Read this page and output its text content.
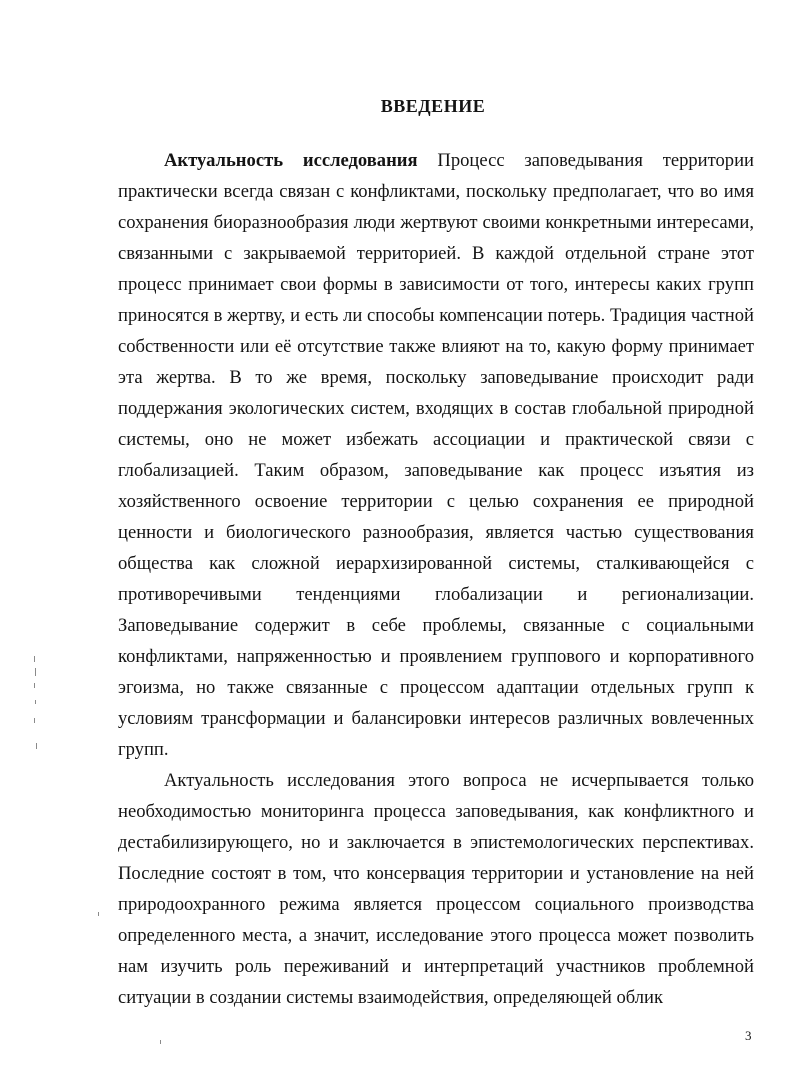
ВВЕДЕНИЕ

Актуальность исследования Процесс заповедывания территории практически всегда связан с конфликтами, поскольку предполагает, что во имя сохранения биоразнообразия люди жертвуют своими конкретными интересами, связанными с закрываемой территорией. В каждой отдельной стране этот процесс принимает свои формы в зависимости от того, интересы каких групп приносятся в жертву, и есть ли способы компенсации потерь. Традиция частной собственности или её отсутствие также влияют на то, какую форму принимает эта жертва. В то же время, поскольку заповедывание происходит ради поддержания экологических систем, входящих в состав глобальной природной системы, оно не может избежать ассоциации и практической связи с глобализацией. Таким образом, заповедывание как процесс изъятия из хозяйственного освоение территории с целью сохранения ее природной ценности и биологического разнообразия, является частью существования общества как сложной иерархизированной системы, сталкивающейся с противоречивыми тенденциями глобализации и регионализации. Заповедывание содержит в себе проблемы, связанные с социальными конфликтами, напряженностью и проявлением группового и корпоративного эгоизма, но также связанные с процессом адаптации отдельных групп к условиям трансформации и балансировки интересов различных вовлеченных групп.

Актуальность исследования этого вопроса не исчерпывается только необходимостью мониторинга процесса заповедывания, как конфликтного и дестабилизирующего, но и заключается в эпистемологических перспективах. Последние состоят в том, что консервация территории и установление на ней природоохранного режима является процессом социального производства определенного места, а значит, исследование этого процесса может позволить нам изучить роль переживаний и интерпретаций участников проблемной ситуации в создании системы взаимодействия, определяющей облик

3
